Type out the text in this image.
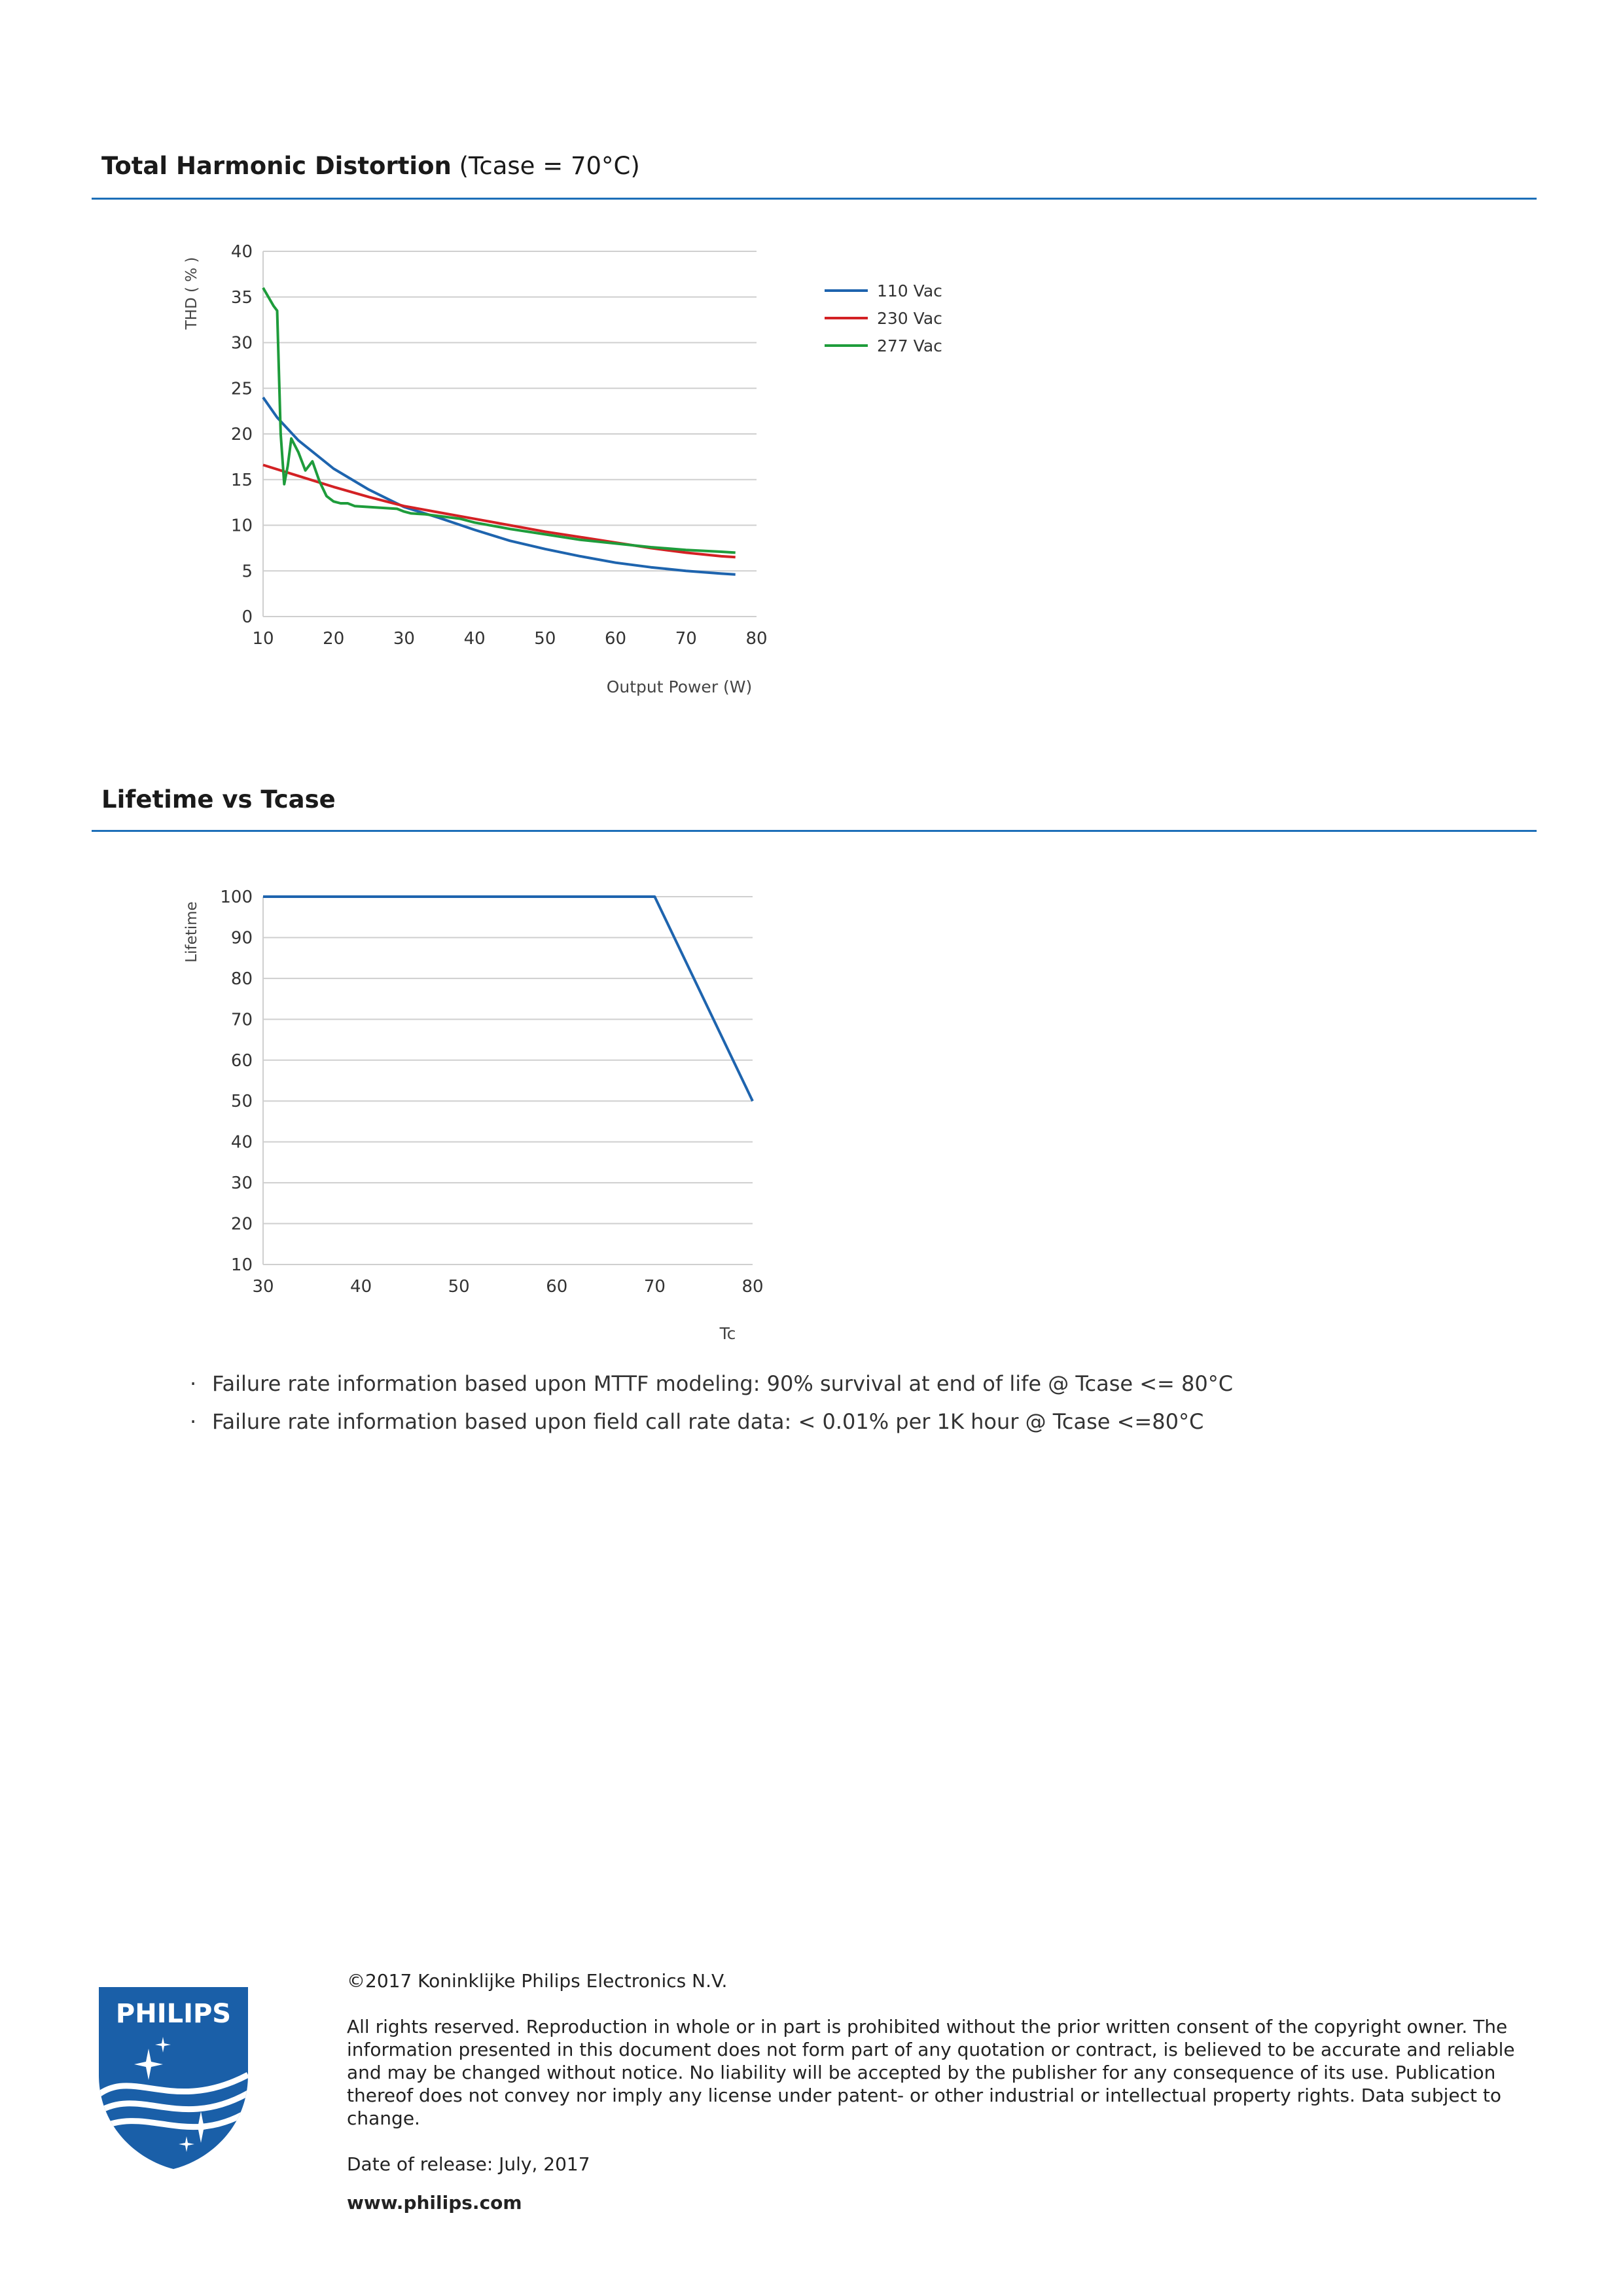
Total Harmonic Distortion (Tcase = 70°C)
0
5
10
15
20
25
30
35
40
10	20	30	40	50	60	70	80
Output Power (W)
THD ( % )	110 Vac
230 Vac
277 Vac
Lifetime vs Tcase
10
20
30
40
50
60
70
80
90
100
30	40	50	60	70	80
Tc
Lifetime
· Failure rate information based upon MTTF modeling: 90% survival at end of life @ Tcase <= 80°C
· Failure rate information based upon field call rate data: < 0.01% per 1K hour @ Tcase <=80°C
PHILIPS

©2017 Koninklijke Philips Electronics N.V.

All rights reserved. Reproduction in whole or in part is prohibited without the prior written consent of the copyright owner. The information presented in this document does not form part of any quotation or contract, is believed to be accurate and reliable and may be changed without notice. No liability will be accepted by the publisher for any consequence of its use. Publication thereof does not convey nor imply any license under patent- or other industrial or intellectual property rights. Data subject to change.

Date of release: July, 2017

www.philips.com
